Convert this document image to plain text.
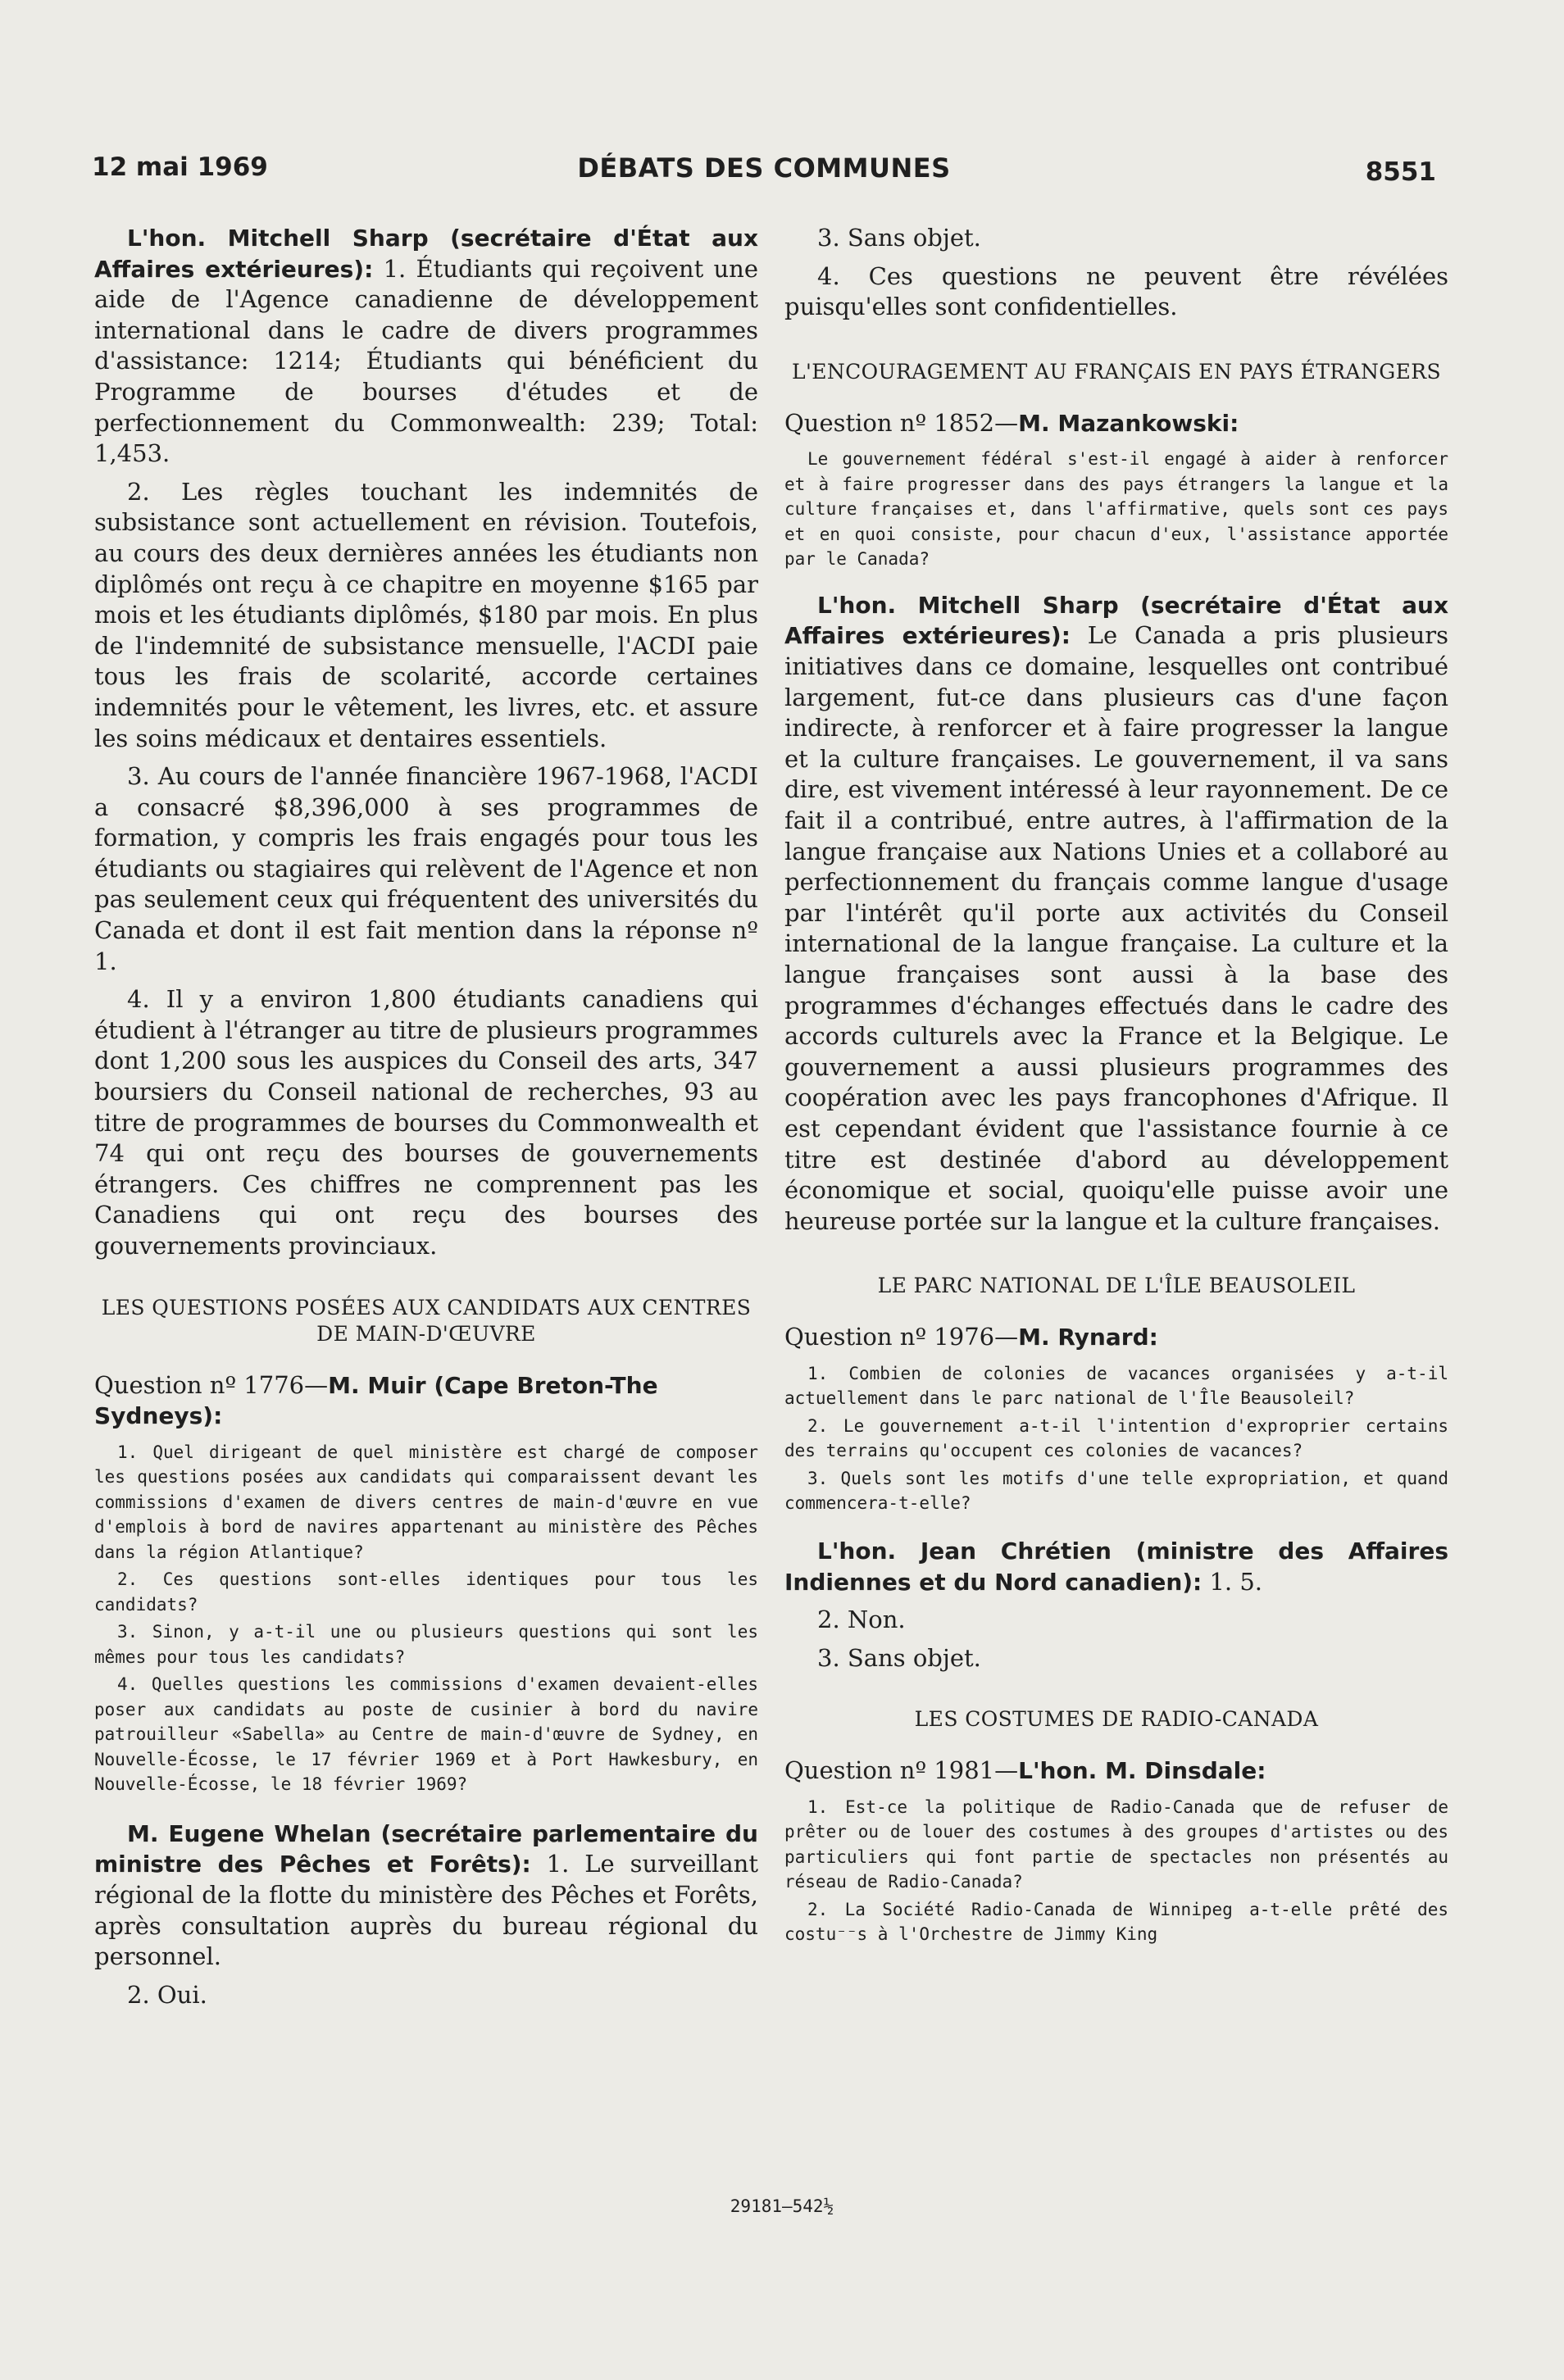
12 mai 1969	DÉBATS DES COMMUNES	8551

L'hon. Mitchell Sharp (secrétaire d'État aux Affaires extérieures): 1. Étudiants qui reçoivent une aide de l'Agence canadienne de développement international dans le cadre de divers programmes d'assistance: 1214; Étudiants qui bénéficient du Programme de bourses d'études et de perfectionnement du Commonwealth: 239; Total: 1,453.

2. Les règles touchant les indemnités de subsistance sont actuellement en révision. Toutefois, au cours des deux dernières années les étudiants non diplômés ont reçu à ce chapitre en moyenne $165 par mois et les étudiants diplômés, $180 par mois. En plus de l'indemnité de subsistance mensuelle, l'ACDI paie tous les frais de scolarité, accorde certaines indemnités pour le vêtement, les livres, etc. et assure les soins médicaux et dentaires essentiels.

3. Au cours de l'année financière 1967-1968, l'ACDI a consacré $8,396,000 à ses programmes de formation, y compris les frais engagés pour tous les étudiants ou stagiaires qui relèvent de l'Agence et non pas seulement ceux qui fréquentent des universités du Canada et dont il est fait mention dans la réponse nº 1.

4. Il y a environ 1,800 étudiants canadiens qui étudient à l'étranger au titre de plusieurs programmes dont 1,200 sous les auspices du Conseil des arts, 347 boursiers du Conseil national de recherches, 93 au titre de programmes de bourses du Commonwealth et 74 qui ont reçu des bourses de gouvernements étrangers. Ces chiffres ne comprennent pas les Canadiens qui ont reçu des bourses des gouvernements provinciaux.

LES QUESTIONS POSÉES AUX CANDIDATS AUX CENTRES DE MAIN-D'ŒUVRE
Question nº 1776—M. Muir (Cape Breton-The Sydneys):

1. Quel dirigeant de quel ministère est chargé de composer les questions posées aux candidats qui comparaissent devant les commissions d'examen de divers centres de main-d'œuvre en vue d'emplois à bord de navires appartenant au ministère des Pêches dans la région Atlantique?

2. Ces questions sont-elles identiques pour tous les candidats?

3. Sinon, y a-t-il une ou plusieurs questions qui sont les mêmes pour tous les candidats?

4. Quelles questions les commissions d'examen devaient-elles poser aux candidats au poste de cusinier à bord du navire patrouilleur «Sabella» au Centre de main-d'œuvre de Sydney, en Nouvelle-Écosse, le 17 février 1969 et à Port Hawkesbury, en Nouvelle-Écosse, le 18 février 1969?

M. Eugene Whelan (secrétaire parlementaire du ministre des Pêches et Forêts): 1. Le surveillant régional de la flotte du ministère des Pêches et Forêts, après consultation auprès du bureau régional du personnel.

2. Oui.

3. Sans objet.

4. Ces questions ne peuvent être révélées puisqu'elles sont confidentielles.

L'ENCOURAGEMENT AU FRANÇAIS EN PAYS ÉTRANGERS
Question nº 1852—M. Mazankowski:

Le gouvernement fédéral s'est-il engagé à aider à renforcer et à faire progresser dans des pays étrangers la langue et la culture françaises et, dans l'affirmative, quels sont ces pays et en quoi consiste, pour chacun d'eux, l'assistance apportée par le Canada?

L'hon. Mitchell Sharp (secrétaire d'État aux Affaires extérieures): Le Canada a pris plusieurs initiatives dans ce domaine, lesquelles ont contribué largement, fut-ce dans plusieurs cas d'une façon indirecte, à renforcer et à faire progresser la langue et la culture françaises. Le gouvernement, il va sans dire, est vivement intéressé à leur rayonnement. De ce fait il a contribué, entre autres, à l'affirmation de la langue française aux Nations Unies et a collaboré au perfectionnement du français comme langue d'usage par l'intérêt qu'il porte aux activités du Conseil international de la langue française. La culture et la langue françaises sont aussi à la base des programmes d'échanges effectués dans le cadre des accords culturels avec la France et la Belgique. Le gouvernement a aussi plusieurs programmes des coopération avec les pays francophones d'Afrique. Il est cependant évident que l'assistance fournie à ce titre est destinée d'abord au développement économique et social, quoiqu'elle puisse avoir une heureuse portée sur la langue et la culture françaises.

LE PARC NATIONAL DE L'ÎLE BEAUSOLEIL
Question nº 1976—M. Rynard:

1. Combien de colonies de vacances organisées y a-t-il actuellement dans le parc national de l'Île Beausoleil?

2. Le gouvernement a-t-il l'intention d'exproprier certains des terrains qu'occupent ces colonies de vacances?

3. Quels sont les motifs d'une telle expropriation, et quand commencera-t-elle?

L'hon. Jean Chrétien (ministre des Affaires Indiennes et du Nord canadien): 1. 5.

2. Non.

3. Sans objet.

LES COSTUMES DE RADIO-CANADA
Question nº 1981—L'hon. M. Dinsdale:

1. Est-ce la politique de Radio-Canada que de refuser de prêter ou de louer des costumes à des groupes d'artistes ou des particuliers qui font partie de spectacles non présentés au réseau de Radio-Canada?

2. La Société Radio-Canada de Winnipeg a-t-elle prêté des costu⁻⁻s à l'Orchestre de Jimmy King

29181—542½
